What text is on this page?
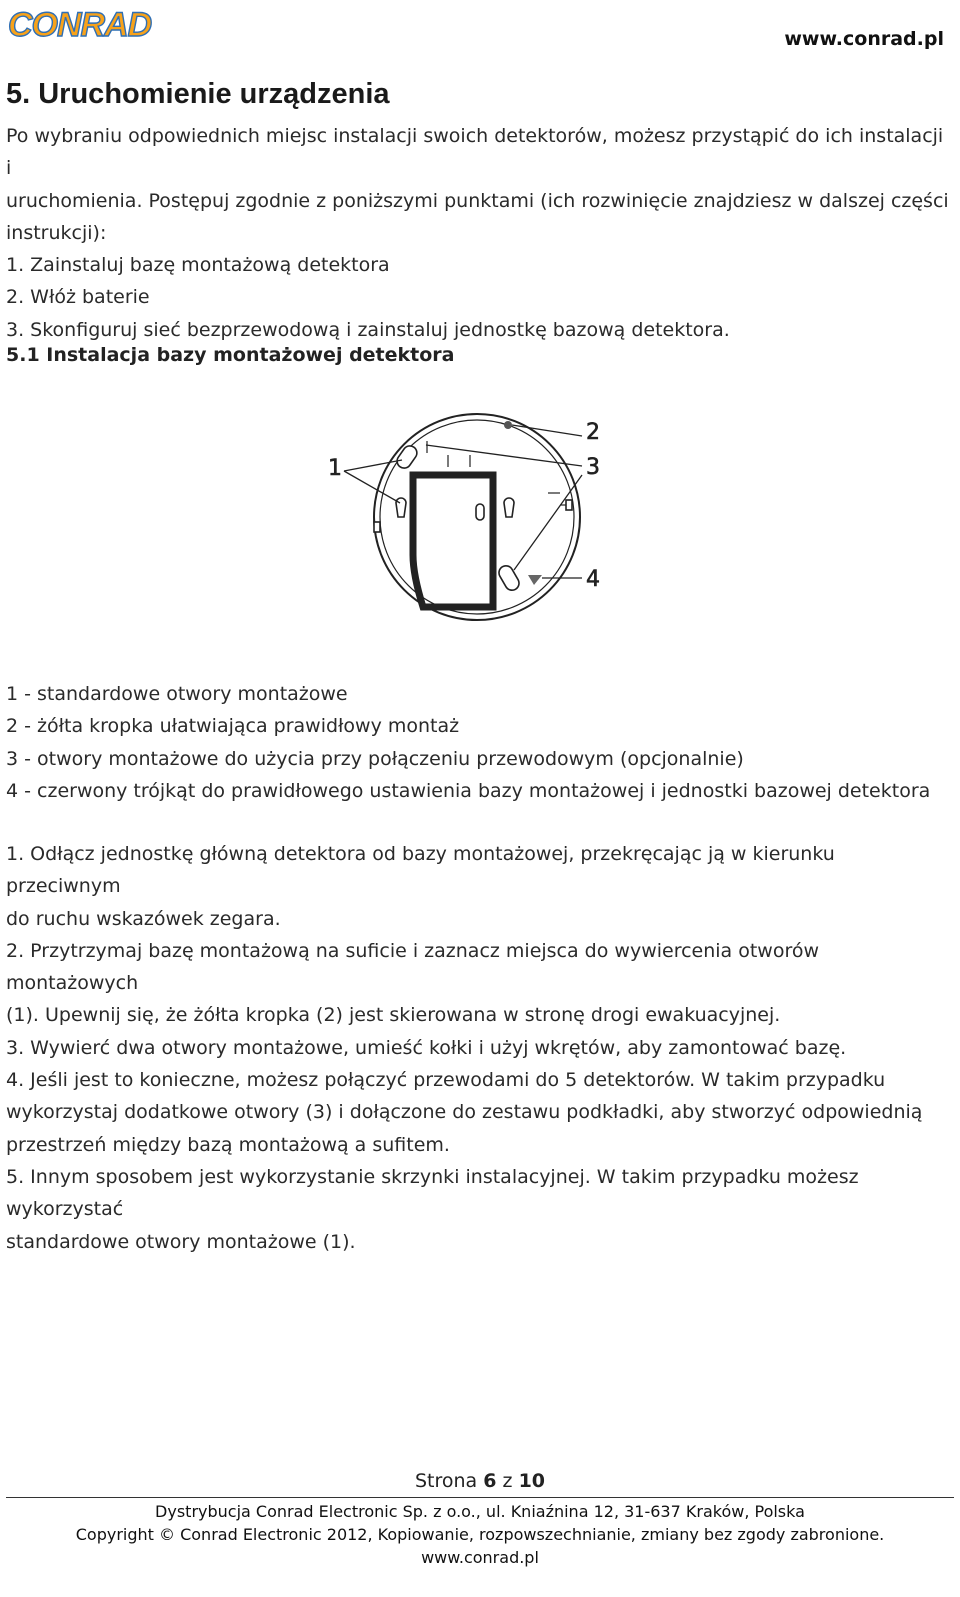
CONRAD	www.conrad.pl
5. Uruchomienie urządzenia

Po wybraniu odpowiednich miejsc instalacji swoich detektorów, możesz przystąpić do ich instalacji i

uruchomienia. Postępuj zgodnie z poniższymi punktami (ich rozwinięcie znajdziesz w dalszej części

instrukcji):

1. Zainstaluj bazę montażową detektora
2. Włóż baterie
3. Skonfiguruj sieć bezprzewodową i zainstaluj jednostkę bazową detektora.
5.1 Instalacja bazy montażowej detektora
1
2
3
4
1 - standardowe otwory montażowe
2 - żółta kropka ułatwiająca prawidłowy montaż
3 - otwory montażowe do użycia przy połączeniu przewodowym (opcjonalnie)
4 - czerwony trójkąt do prawidłowego ustawienia bazy montażowej i jednostki bazowej detektora
1. Odłącz jednostkę główną detektora od bazy montażowej, przekręcając ją w kierunku przeciwnym
do ruchu wskazówek zegara.
2. Przytrzymaj bazę montażową na suficie i zaznacz miejsca do wywiercenia otworów montażowych
(1). Upewnij się, że żółta kropka (2) jest skierowana w stronę drogi ewakuacyjnej.
3. Wywierć dwa otwory montażowe, umieść kołki i użyj wkrętów, aby zamontować bazę.
4. Jeśli jest to konieczne, możesz połączyć przewodami do 5 detektorów. W takim przypadku
wykorzystaj dodatkowe otwory (3) i dołączone do zestawu podkładki, aby stworzyć odpowiednią
przestrzeń między bazą montażową a sufitem.
5. Innym sposobem jest wykorzystanie skrzynki instalacyjnej. W takim przypadku możesz wykorzystać
standardowe otwory montażowe (1).
Strona 6 z 10
Dystrybucja Conrad Electronic Sp. z o.o., ul. Kniaźnina 12, 31-637 Kraków, Polska
Copyright © Conrad Electronic 2012, Kopiowanie, rozpowszechnianie, zmiany bez zgody zabronione.
www.conrad.pl
